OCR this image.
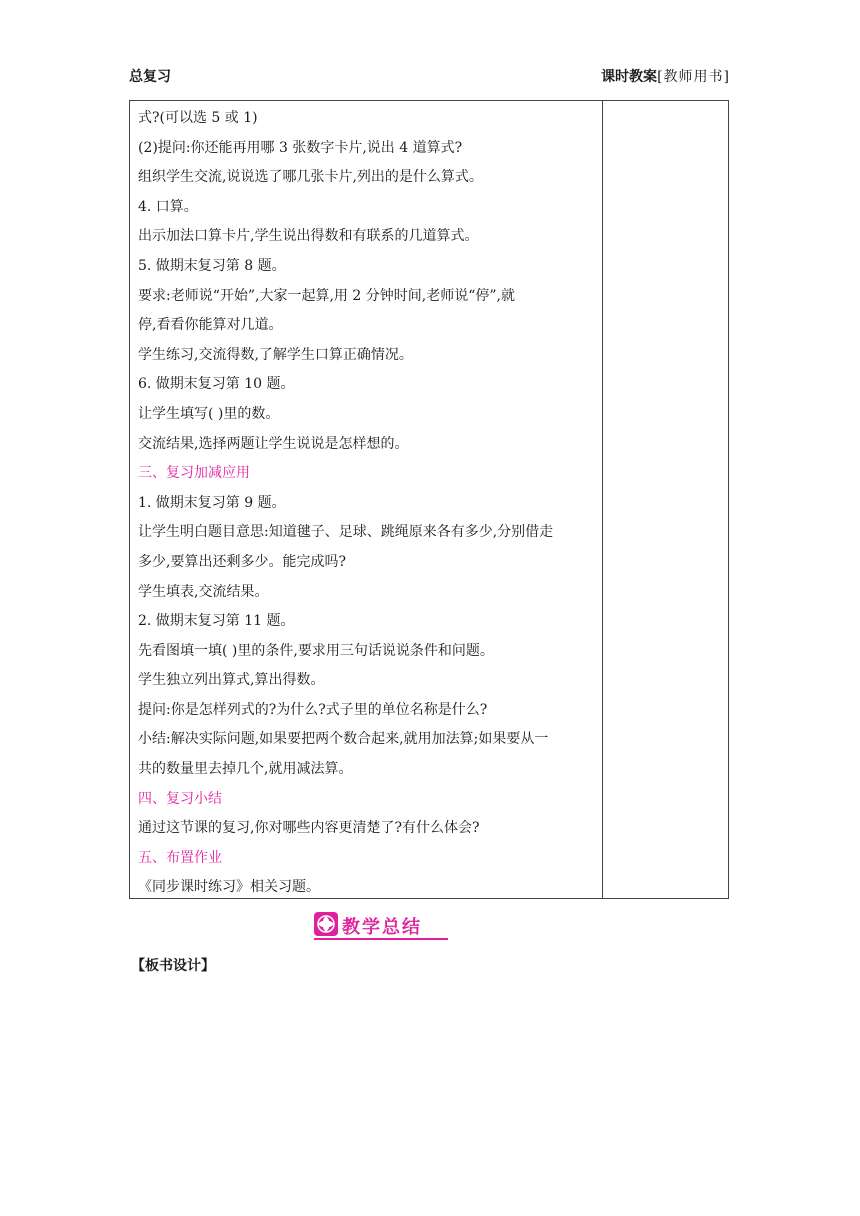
总复习	课时教案[教师用书]
式?(可以选 5 或 1)
(2)提问:你还能再用哪 3 张数字卡片,说出 4 道算式?
组织学生交流,说说选了哪几张卡片,列出的是什么算式。
4. 口算。
出示加法口算卡片,学生说出得数和有联系的几道算式。
5. 做期末复习第 8 题。
要求:老师说“开始”,大家一起算,用 2 分钟时间,老师说“停”,就
停,看看你能算对几道。
学生练习,交流得数,了解学生口算正确情况。
6. 做期末复习第 10 题。
让学生填写( )里的数。
交流结果,选择两题让学生说说是怎样想的。
三、复习加减应用
1. 做期末复习第 9 题。
让学生明白题目意思:知道毽子、足球、跳绳原来各有多少,分别借走
多少,要算出还剩多少。能完成吗?
学生填表,交流结果。
2. 做期末复习第 11 题。
先看图填一填( )里的条件,要求用三句话说说条件和问题。
学生独立列出算式,算出得数。
提问:你是怎样列式的?为什么?式子里的单位名称是什么?
小结:解决实际问题,如果要把两个数合起来,就用加法算;如果要从一
共的数量里去掉几个,就用减法算。
四、复习小结
通过这节课的复习,你对哪些内容更清楚了?有什么体会?
五、布置作业
《同步课时练习》相关习题。
教学总结
【板书设计】
